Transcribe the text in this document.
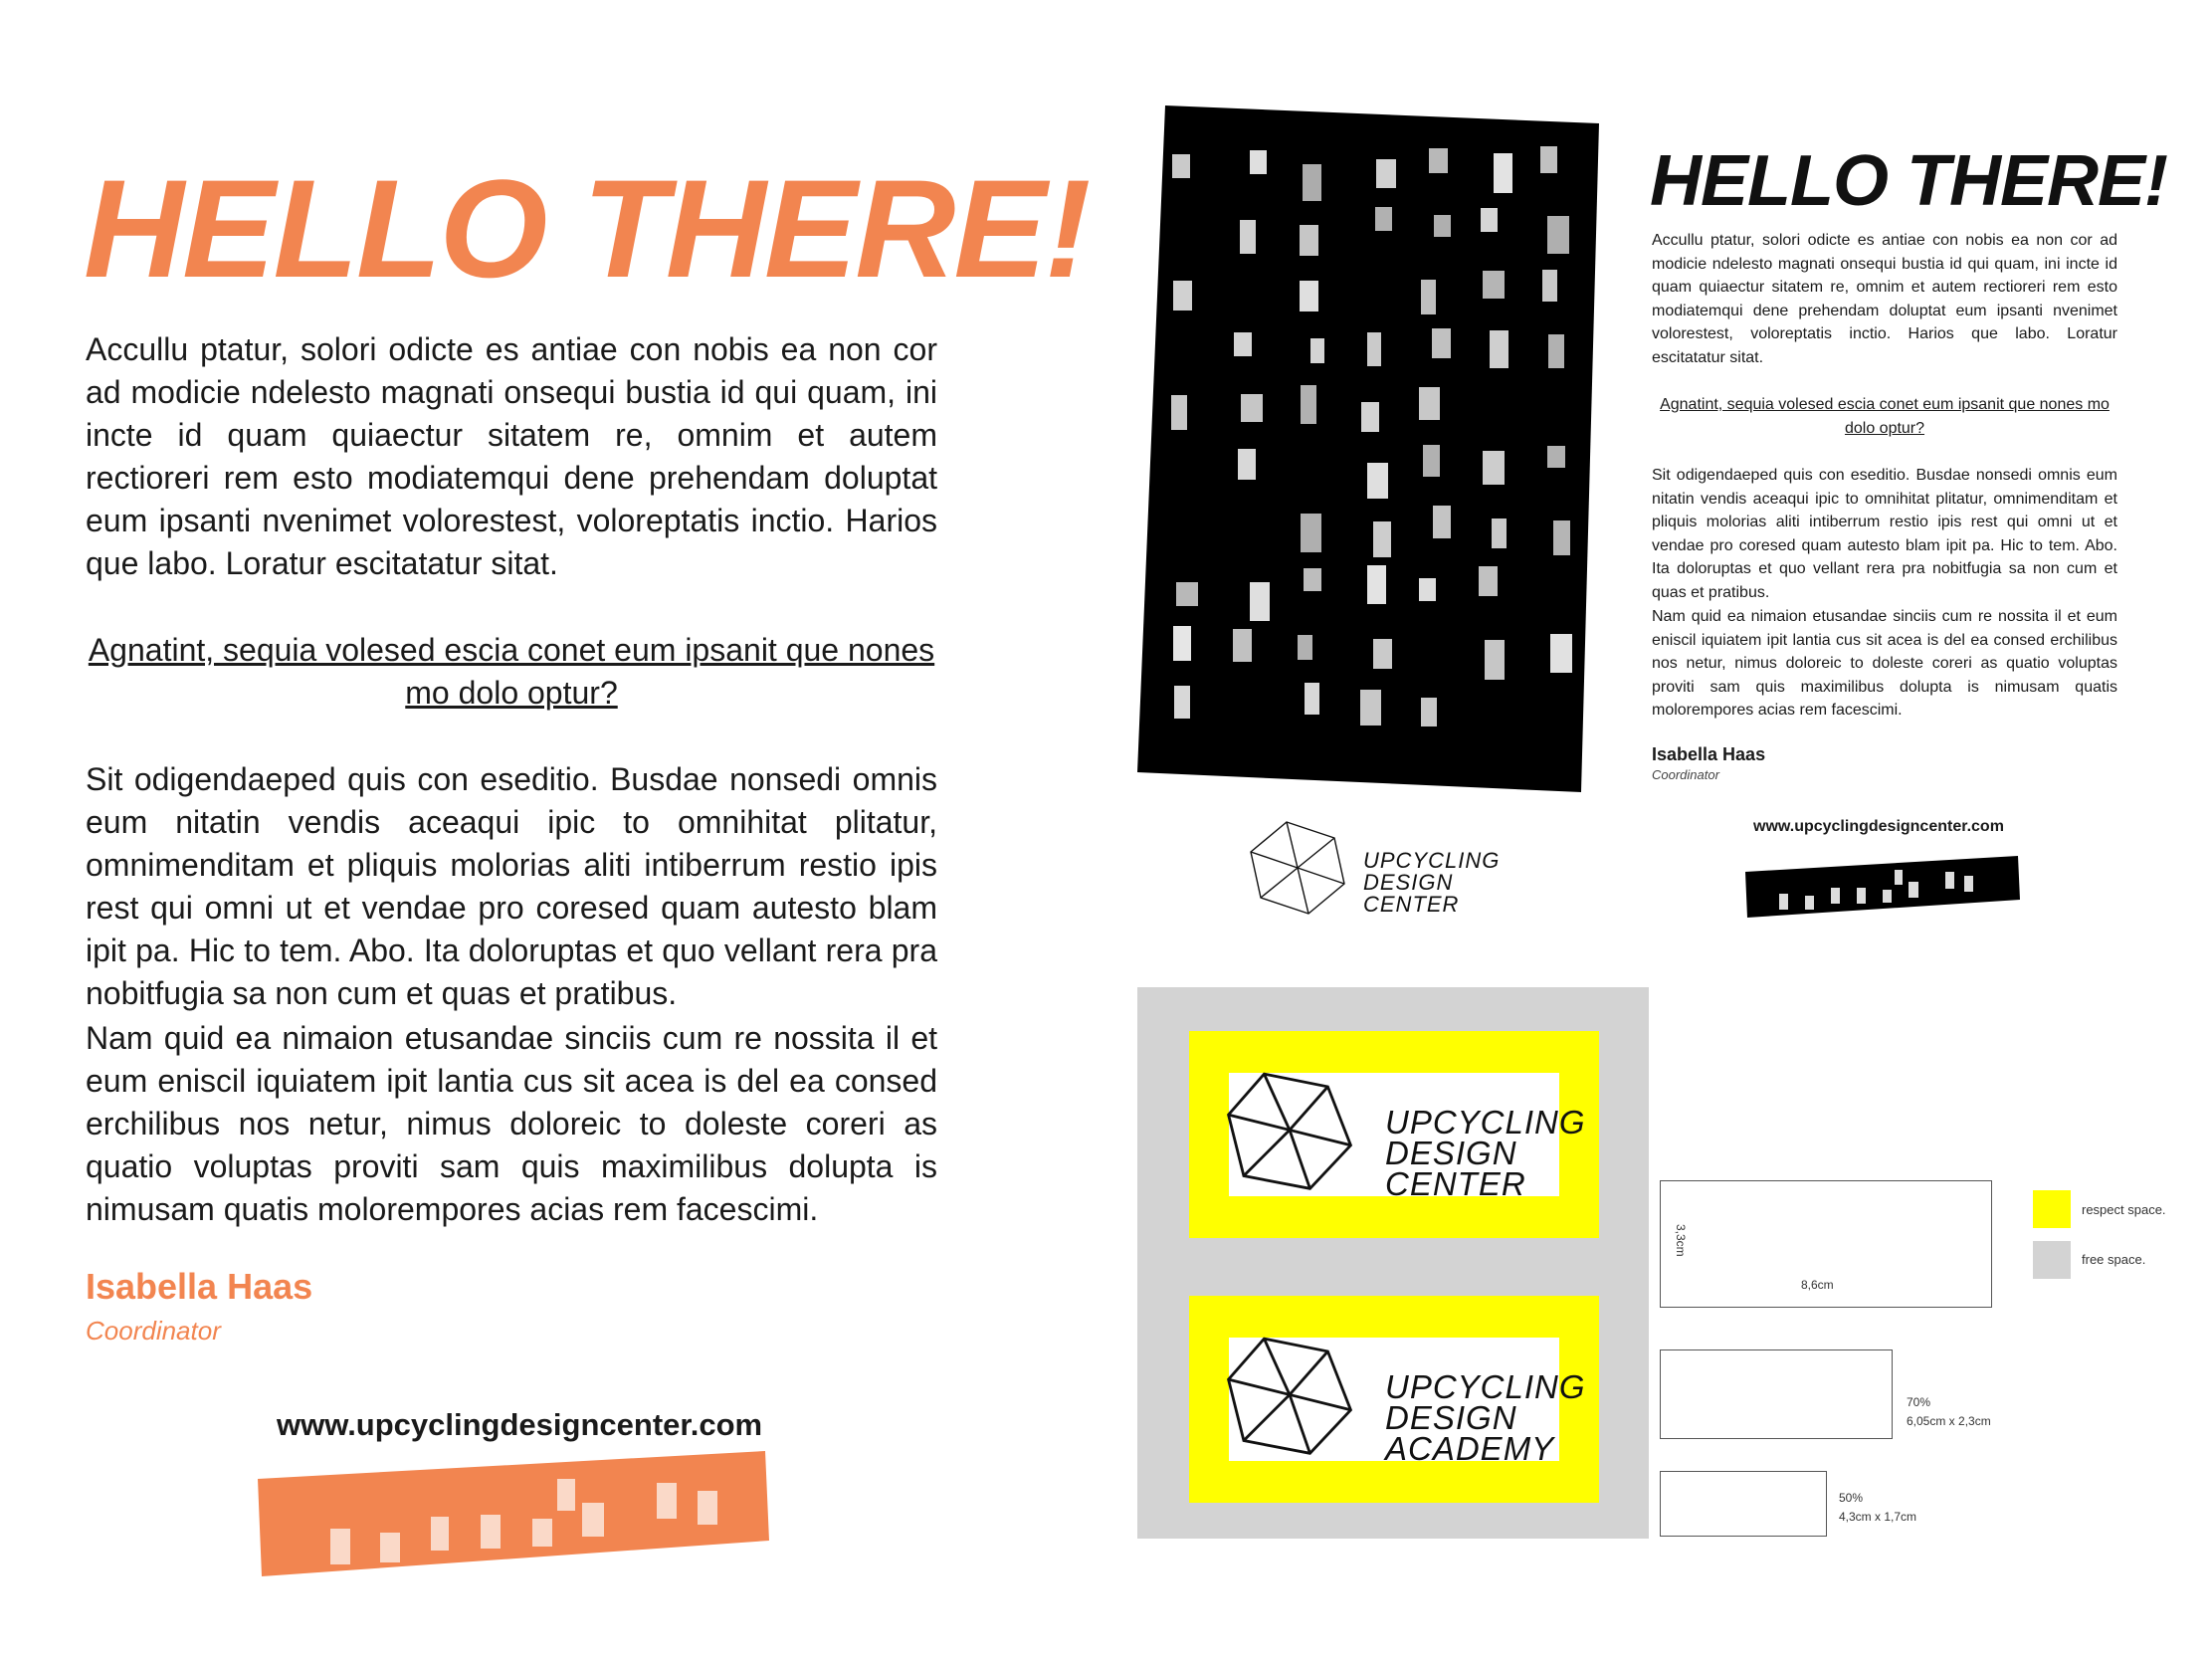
HELLO THERE!

Accullu ptatur, solori odicte es antiae con nobis ea non cor ad modicie ndelesto magnati onsequi bustia id qui quam, ini incte id quam quiaectur sitatem re, omnim et autem rectioreri rem esto modiatemqui dene prehendam doluptat eum ipsanti nvenimet volorestest, voloreptatis inctio. Harios que labo. Loratur escitatatur sitat.

Agnatint, sequia volesed escia conet eum ipsanit que nones mo dolo optur?

Sit odigendaeped quis con eseditio. Busdae nonsedi omnis eum nitatin vendis aceaqui ipic to omnihitat plitatur, omnimenditam et pliquis molorias aliti intiberrum restio ipis rest qui omni ut et vendae pro coresed quam autesto blam ipit pa. Hic to tem. Abo. Ita doloruptas et quo vellant rera pra nobitfugia sa non cum et quas et pratibus.

Nam quid ea nimaion etusandae sinciis cum re nossita il et eum eniscil iquiatem ipit lantia cus sit acea is del ea consed erchilibus nos netur, nimus doloreic to doleste coreri as quatio voluptas proviti sam quis maximilibus dolupta is nimusam quatis molorempores acias rem facescimi.

Isabella Haas
Coordinator
www.upcyclingdesigncenter.com
HELLO THERE!

Accullu ptatur, solori odicte es antiae con nobis ea non cor ad modicie ndelesto magnati onsequi bustia id qui quam, ini incte id quam quiaectur sitatem re, omnim et autem rectioreri rem esto modiatemqui dene prehendam doluptat eum ipsanti nvenimet volorestest, voloreptatis inctio. Harios que labo. Loratur escitatatur sitat.

Agnatint, sequia volesed escia conet eum ipsanit que nones mo dolo optur?

Sit odigendaeped quis con eseditio. Busdae nonsedi omnis eum nitatin vendis aceaqui ipic to omnihitat plitatur, omnimenditam et pliquis molorias aliti intiberrum restio ipis rest qui omni ut et vendae pro coresed quam autesto blam ipit pa. Hic to tem. Abo. Ita doloruptas et quo vellant rera pra nobitfugia sa non cum et quas et pratibus.

Nam quid ea nimaion etusandae sinciis cum re nossita il et eum eniscil iquiatem ipit lantia cus sit acea is del ea consed erchilibus nos netur, nimus doloreic to doleste coreri as quatio voluptas proviti sam quis maximilibus dolupta is nimusam quatis molorempores acias rem facescimi.

Isabella Haas
Coordinator
www.upcyclingdesigncenter.com
UPCYCLING
DESIGN
CENTER
UPCYCLING
DESIGN
CENTER
UPCYCLING
DESIGN
ACADEMY
8,6cm
3,3cm
70%
6,05cm x 2,3cm
50%
4,3cm x 1,7cm
respect space.
free space.
